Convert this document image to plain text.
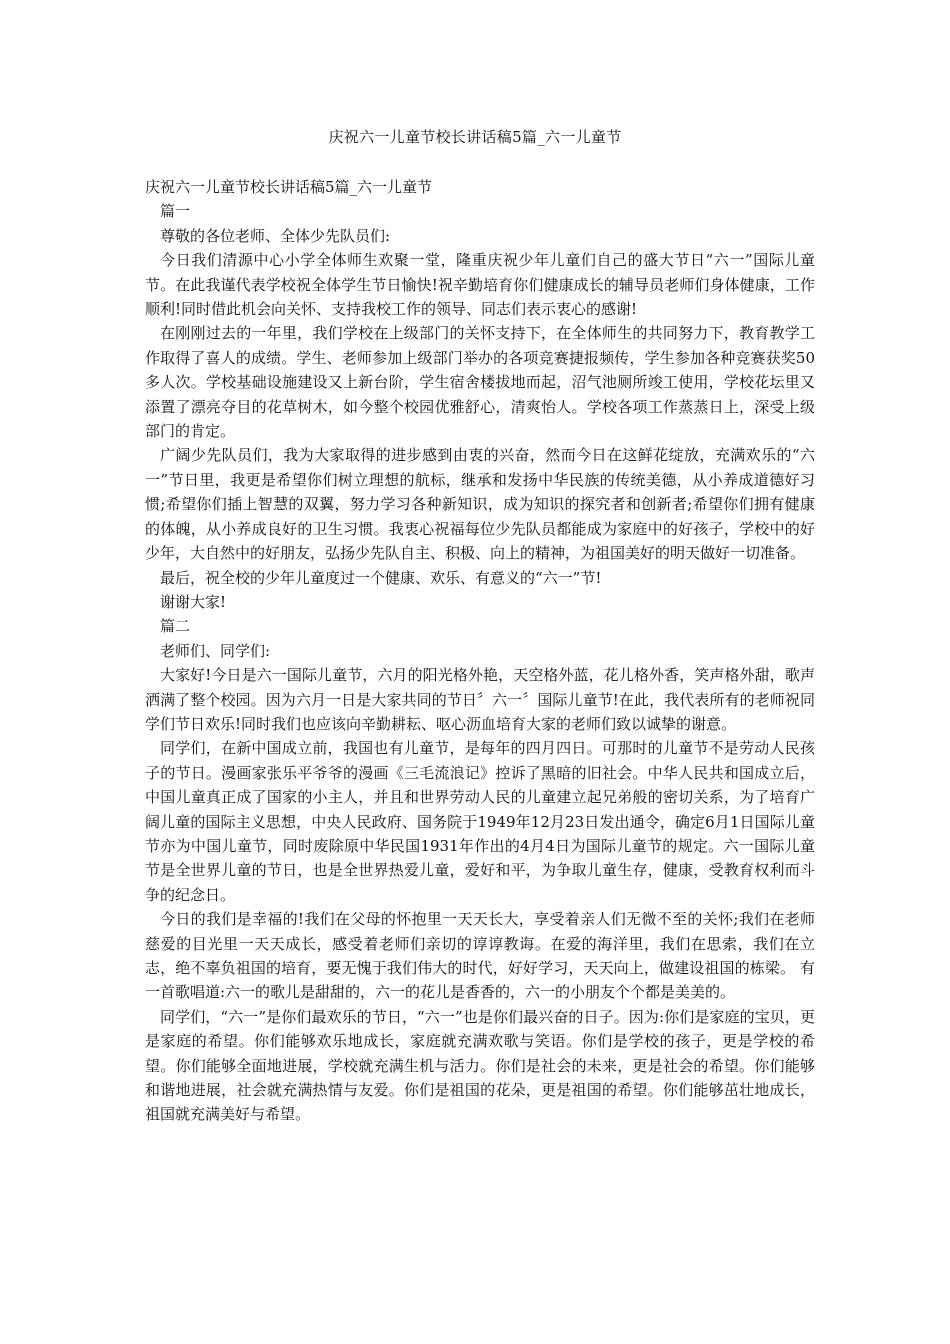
庆祝六一儿童节校长讲话稿5篇_六一儿童节

庆祝六一儿童节校长讲话稿5篇_六一儿童节

篇一

尊敬的各位老师、全体少先队员们:

今日我们清源中心小学全体师生欢聚一堂，隆重庆祝少年儿童们自己的盛大节日“六一”国际儿童节。在此我谨代表学校祝全体学生节日愉快!祝辛勤培育你们健康成长的辅导员老师们身体健康，工作顺利!同时借此机会向关怀、支持我校工作的领导、同志们表示衷心的感谢!

在刚刚过去的一年里，我们学校在上级部门的关怀支持下，在全体师生的共同努力下，教育教学工作取得了喜人的成绩。学生、老师参加上级部门举办的各项竞赛捷报频传，学生参加各种竞赛获奖50多人次。学校基础设施建设又上新台阶，学生宿舍楼拔地而起，沼气池厕所竣工使用，学校花坛里又添置了漂亮夺目的花草树木，如今整个校园优雅舒心，清爽怡人。学校各项工作蒸蒸日上，深受上级部门的肯定。

广阔少先队员们，我为大家取得的进步感到由衷的兴奋，然而今日在这鲜花绽放，充满欢乐的“六一”节日里，我更是希望你们树立理想的航标，继承和发扬中华民族的传统美德，从小养成道德好习惯;希望你们插上智慧的双翼，努力学习各种新知识，成为知识的探究者和创新者;希望你们拥有健康的体魄，从小养成良好的卫生习惯。我衷心祝福每位少先队员都能成为家庭中的好孩子，学校中的好少年，大自然中的好朋友，弘扬少先队自主、积极、向上的精神，为祖国美好的明天做好一切准备。

最后，祝全校的少年儿童度过一个健康、欢乐、有意义的“六一”节!

谢谢大家!

篇二

老师们、同学们:

大家好!今日是六一国际儿童节，六月的阳光格外艳，天空格外蓝，花儿格外香，笑声格外甜，歌声洒满了整个校园。因为六月一日是大家共同的节日〞六一〞国际儿童节!在此，我代表所有的老师祝同学们节日欢乐!同时我们也应该向辛勤耕耘、呕心沥血培育大家的老师们致以诚挚的谢意。

同学们，在新中国成立前，我国也有儿童节，是每年的四月四日。可那时的儿童节不是劳动人民孩子的节日。漫画家张乐平爷爷的漫画《三毛流浪记》控诉了黑暗的旧社会。中华人民共和国成立后，中国儿童真正成了国家的小主人，并且和世界劳动人民的儿童建立起兄弟般的密切关系，为了培育广阔儿童的国际主义思想，中央人民政府、国务院于1949年12月23日发出通令，确定6月1日国际儿童节亦为中国儿童节，同时废除原中华民国1931年作出的4月4日为国际儿童节的规定。六一国际儿童节是全世界儿童的节日，也是全世界热爱儿童，爱好和平，为争取儿童生存，健康，受教育权利而斗争的纪念日。

今日的我们是幸福的!我们在父母的怀抱里一天天长大，享受着亲人们无微不至的关怀;我们在老师慈爱的目光里一天天成长，感受着老师们亲切的谆谆教诲。在爱的海洋里，我们在思索，我们在立志，绝不辜负祖国的培育，要无愧于我们伟大的时代，好好学习，天天向上，做建设祖国的栋梁。 有一首歌唱道:六一的歌儿是甜甜的，六一的花儿是香香的，六一的小朋友个个都是美美的。

同学们，“六一”是你们最欢乐的节日，“六一”也是你们最兴奋的日子。因为:你们是家庭的宝贝，更是家庭的希望。你们能够欢乐地成长，家庭就充满欢歌与笑语。你们是学校的孩子，更是学校的希望。你们能够全面地进展，学校就充满生机与活力。你们是社会的未来，更是社会的希望。你们能够和谐地进展，社会就充满热情与友爱。你们是祖国的花朵，更是祖国的希望。你们能够茁壮地成长，祖国就充满美好与希望。
